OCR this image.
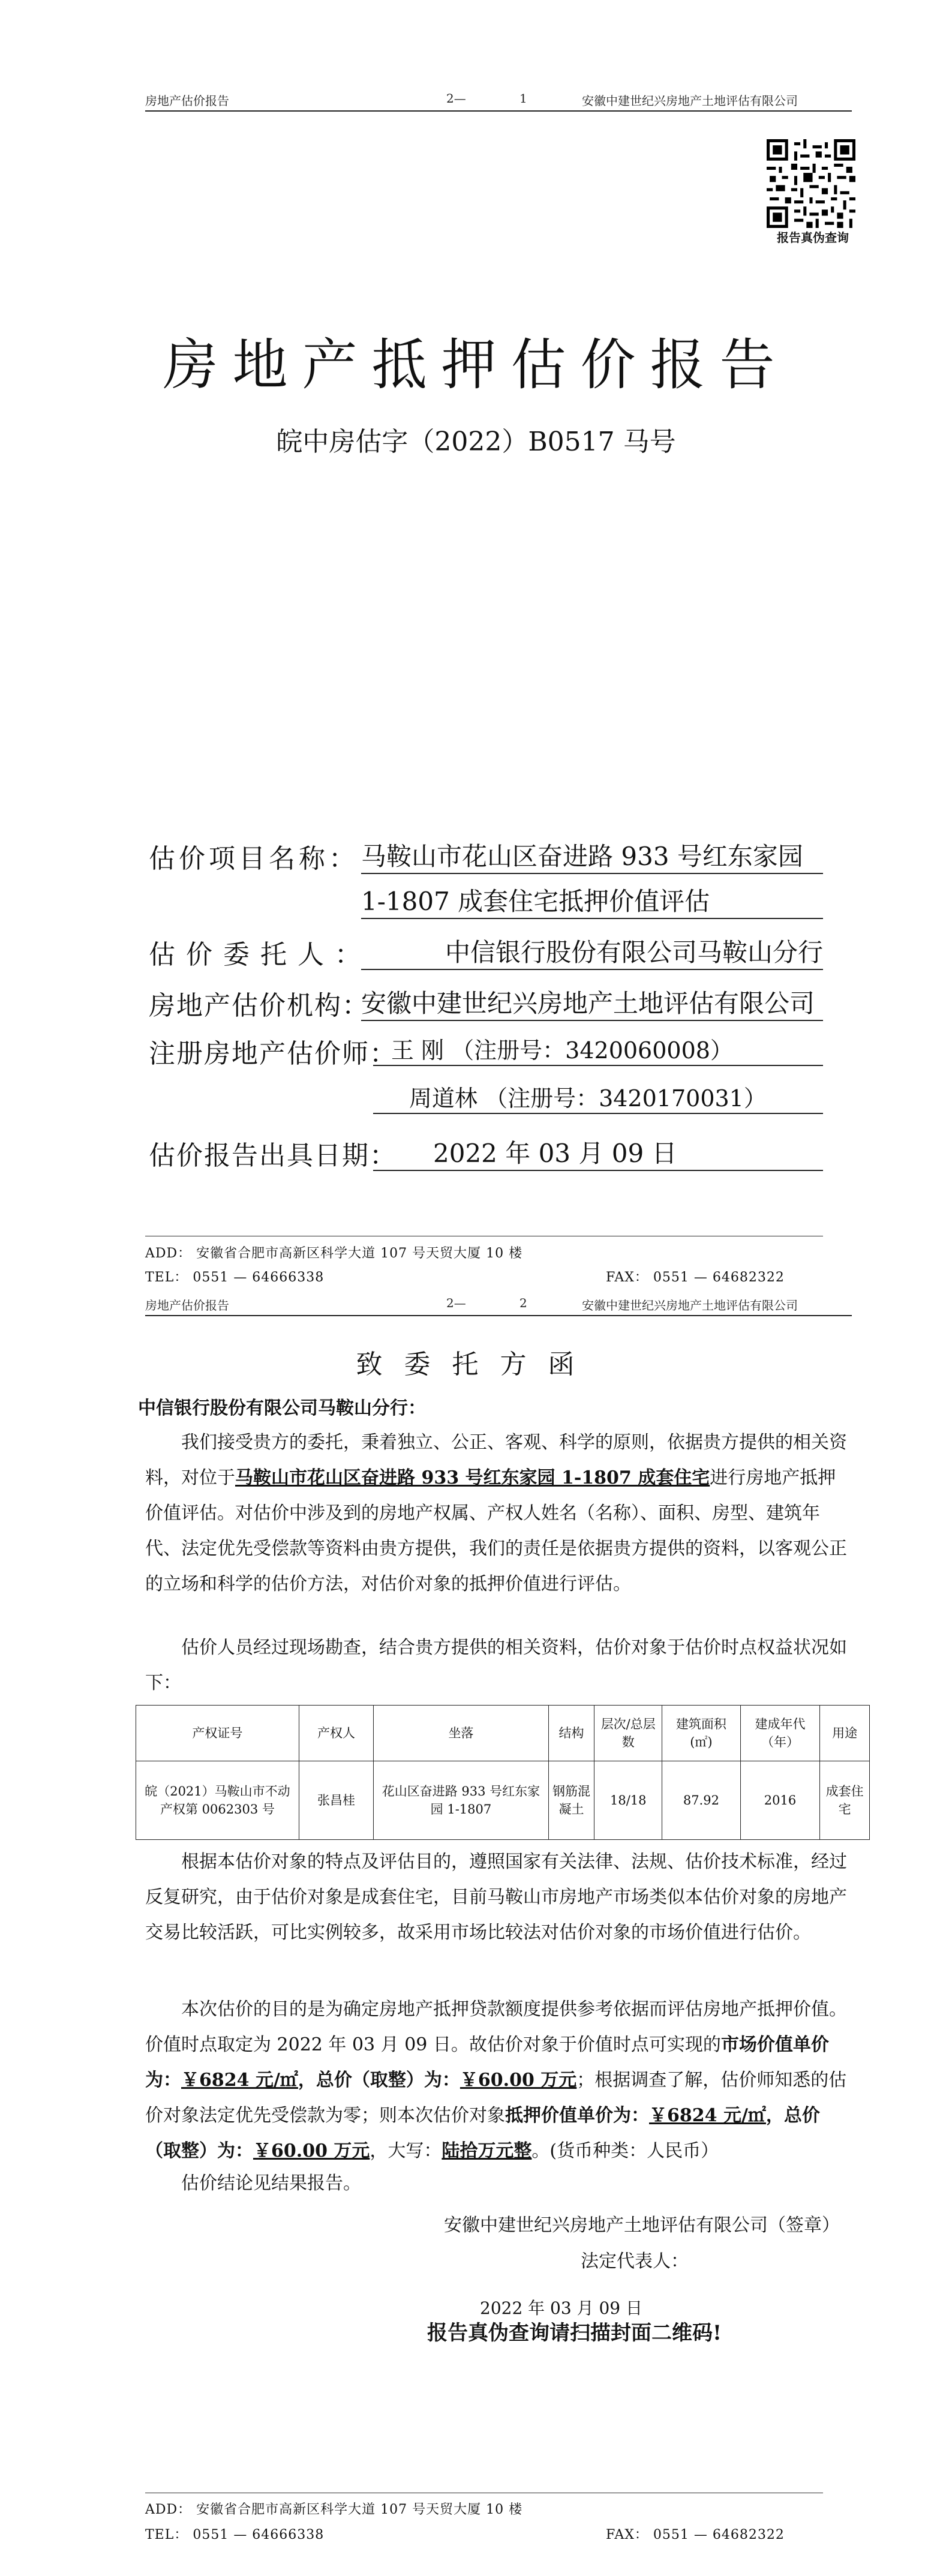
房地产估价报告	2—	1	安徽中建世纪兴房地产土地评估有限公司
报告真伪查询
房地产抵押估价报告
皖中房估字（2022）B0517 马号
估价项目名称： 马鞍山市花山区奋进路 933 号红东家园
1-1807 成套住宅抵押价值评估
估 价 委 托 人 ：	中信银行股份有限公司马鞍山分行
房地产估价机构：
安徽中建世纪兴房地产土地评估有限公司
注册房地产估价师：
王 刚 （注册号：3420060008）
周道林 （注册号：3420170031）
估价报告出具日期：	2022 年 03 月 09 日
ADD： 安徽省合肥市高新区科学大道 107 号天贸大厦 10 楼
TEL： 0551 — 64666338	FAX： 0551 — 64682322
房地产估价报告	2—	2	安徽中建世纪兴房地产土地评估有限公司
致委托方函
中信银行股份有限公司马鞍山分行：
我们接受贵方的委托，秉着独立、公正、客观、科学的原则，依据贵方提供的相关资料，对位于马鞍山市花山区奋进路 933 号红东家园 1-1807 成套住宅进行房地产抵押价值评估。对估价中涉及到的房地产权属、产权人姓名（名称）、面积、房型、建筑年代、法定优先受偿款等资料由贵方提供，我们的责任是依据贵方提供的资料，以客观公正的立场和科学的估价方法，对估价对象的抵押价值进行评估。
估价人员经过现场勘查，结合贵方提供的相关资料，估价对象于估价时点权益状况如下：
产权证号	产权人	坐落	结构	层次/总层数	建筑面积(㎡)	建成年代（年）	用途
皖（2021）马鞍山市不动产权第 0062303 号	张昌桂	花山区奋进路 933 号红东家园 1-1807	钢筋混凝土	18/18	87.92	2016	成套住宅
根据本估价对象的特点及评估目的，遵照国家有关法律、法规、估价技术标准，经过反复研究，由于估价对象是成套住宅，目前马鞍山市房地产市场类似本估价对象的房地产交易比较活跃，可比实例较多，故采用市场比较法对估价对象的市场价值进行估价。
本次估价的目的是为确定房地产抵押贷款额度提供参考依据而评估房地产抵押价值。价值时点取定为 2022 年 03 月 09 日。故估价对象于价值时点可实现的市场价值单价为：￥6824 元/㎡，总价（取整）为：￥60.00 万元；根据调查了解，估价师知悉的估价对象法定优先受偿款为零；则本次估价对象抵押价值单价为：￥6824 元/㎡，总价（取整）为：￥60.00 万元，大写：陆拾万元整。(货币种类：人民币）
估价结论见结果报告。
安徽中建世纪兴房地产土地评估有限公司（签章）
法定代表人：
2022 年 03 月 09 日
报告真伪查询请扫描封面二维码!
ADD： 安徽省合肥市高新区科学大道 107 号天贸大厦 10 楼
TEL： 0551 — 64666338	FAX： 0551 — 64682322
